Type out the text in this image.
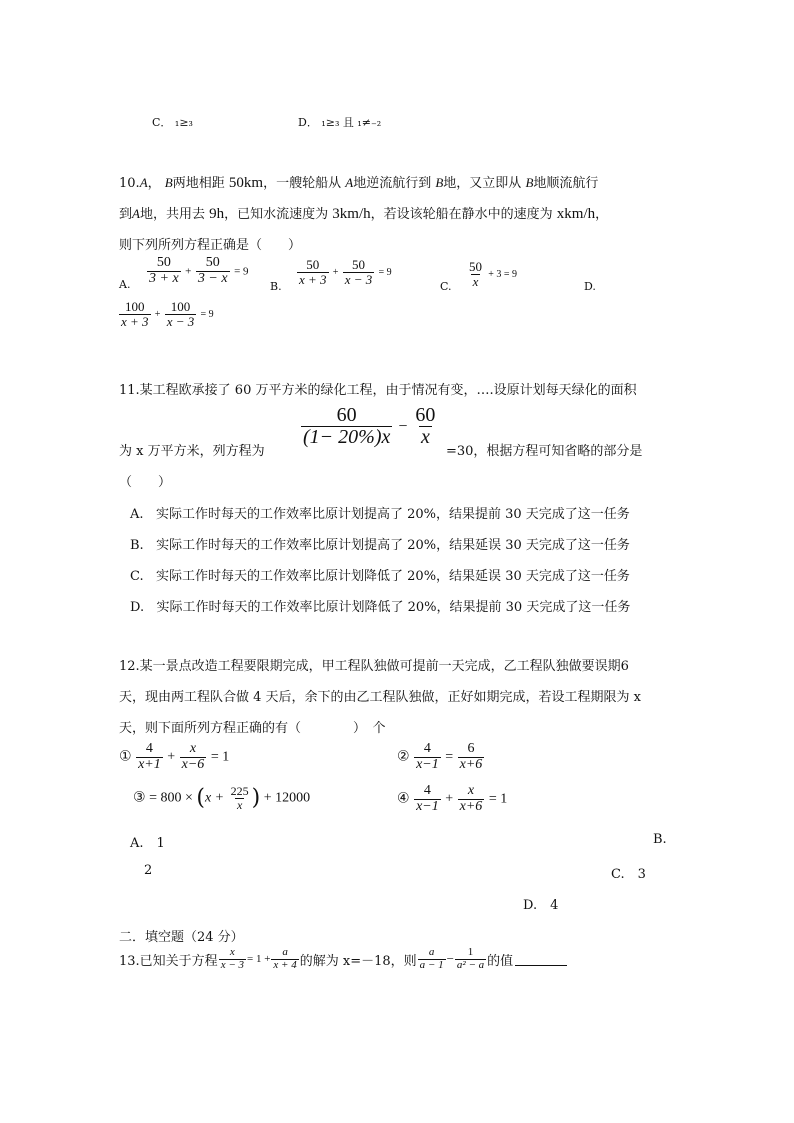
C． ₁≥₃	D． ₁≥₃ 且 ₁≠₋₂
10.A， B两地相距 50km，一艘轮船从 A地逆流航行到 B地，又立即从 B地顺流航行
到A地，共用去 9h，已知水流速度为 3km/h，若设该轮船在静水中的速度为 xkm/h，
则下列所列方程正确是（　　）
A. $\frac{50}{3 + x} + \frac{50}{3 - x} = 9$
B.
$\frac{50}{x + 3} + \frac{50}{x - 3} = 9$
C. $\frac{50}{x} + 3 = 9$
D.
$\frac{100}{x + 3} + \frac{100}{x - 3} = 9$
11.某工程欧承接了 60 万平方米的绿化工程，由于情况有变，….设原计划每天绿化的面积
为 x 万平方米，列方程为
$\frac{60}{(1- 20\%)x} - \frac{60}{x}$
=30，根据方程可知省略的部分是
（　　）
A. 实际工作时每天的工作效率比原计划提高了 20%，结果提前 30 天完成了这一任务
B. 实际工作时每天的工作效率比原计划提高了 20%，结果延误 30 天完成了这一任务
C. 实际工作时每天的工作效率比原计划降低了 20%，结果延误 30 天完成了这一任务
D. 实际工作时每天的工作效率比原计划降低了 20%，结果提前 30 天完成了这一任务
12.某一景点改造工程要限期完成，甲工程队独做可提前一天完成，乙工程队独做要误期6
天，现由两工程队合做 4 天后，余下的由乙工程队独做，正好如期完成，若设工程期限为 x
天，则下面所列方程正确的有（　　　　）　个
① $\frac{4}{x+1} + \frac{x}{x-6} = 1$	② $\frac{4}{x-1} = \frac{6}{x+6}$
③ = $800 \times (x + \frac{225}{x}$ ) + 12000	④ $\frac{4}{x-1} + \frac{x}{x+6} = 1$
A.　1	B.
2	C.　3
D.　4
二．填空题（24 分）
13.已知关于方程 $\frac{x}{x - 3} = 1 + \frac{a}{x + 4}$ 的解为 x=－18，则 $\frac{a}{a - 1} - \frac{1}{\text{a² − a}}$ 的值
